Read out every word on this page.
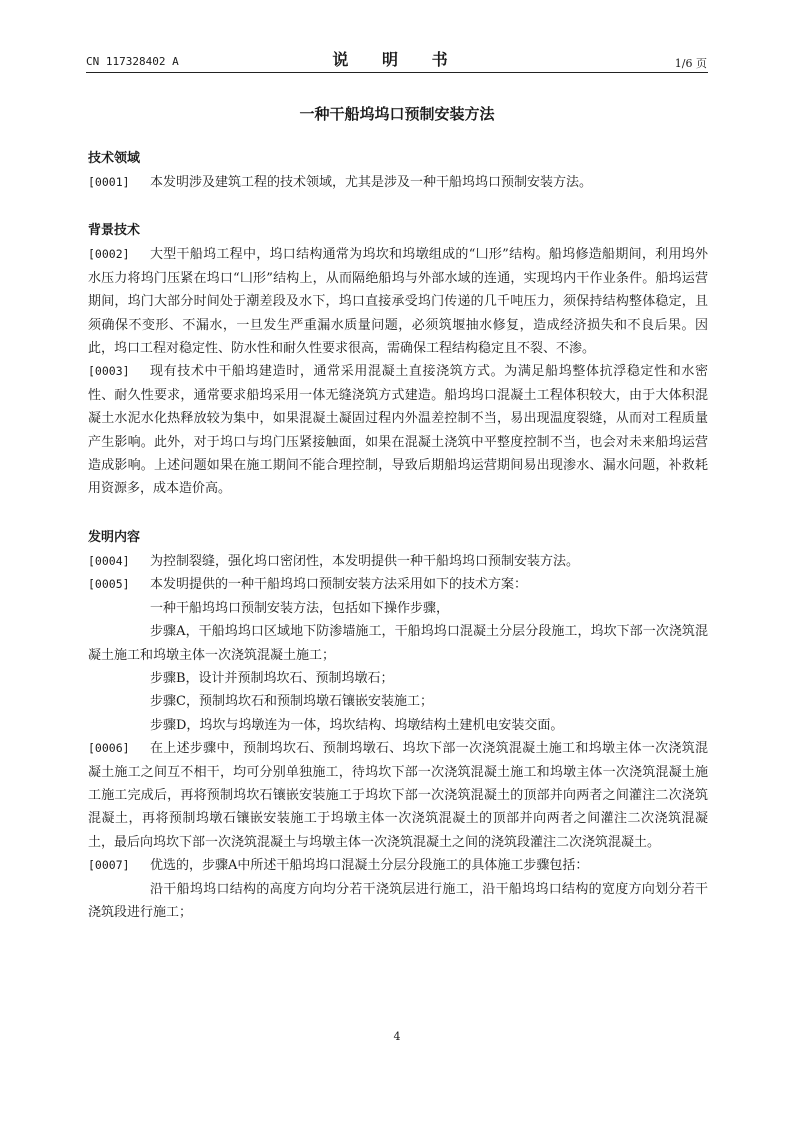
CN 117328402 A	说 明 书	1/6 页
一种干船坞坞口预制安装方法
技术领域
[0001]	本发明涉及建筑工程的技术领域，尤其是涉及一种干船坞坞口预制安装方法。
背景技术
[0002]	大型干船坞工程中，坞口结构通常为坞坎和坞墩组成的“凵形”结构。船坞修造船期间，利用坞外水压力将坞门压紧在坞口“凵形”结构上，从而隔绝船坞与外部水域的连通，实现坞内干作业条件。船坞运营期间，坞门大部分时间处于潮差段及水下，坞口直接承受坞门传递的几千吨压力，须保持结构整体稳定，且须确保不变形、不漏水，一旦发生严重漏水质量问题，必须筑堰抽水修复，造成经济损失和不良后果。因此，坞口工程对稳定性、防水性和耐久性要求很高，需确保工程结构稳定且不裂、不渗。
[0003]	现有技术中干船坞建造时，通常采用混凝土直接浇筑方式。为满足船坞整体抗浮稳定性和水密性、耐久性要求，通常要求船坞采用一体无缝浇筑方式建造。船坞坞口混凝土工程体积较大，由于大体积混凝土水泥水化热释放较为集中，如果混凝土凝固过程内外温差控制不当，易出现温度裂缝，从而对工程质量产生影响。此外，对于坞口与坞门压紧接触面，如果在混凝土浇筑中平整度控制不当，也会对未来船坞运营造成影响。上述问题如果在施工期间不能合理控制，导致后期船坞运营期间易出现渗水、漏水问题，补救耗用资源多，成本造价高。
发明内容
[0004]	为控制裂缝，强化坞口密闭性，本发明提供一种干船坞坞口预制安装方法。
[0005]	本发明提供的一种干船坞坞口预制安装方法采用如下的技术方案：
一种干船坞坞口预制安装方法，包括如下操作步骤，
步骤A，干船坞坞口区域地下防渗墙施工，干船坞坞口混凝土分层分段施工，坞坎下部一次浇筑混凝土施工和坞墩主体一次浇筑混凝土施工；
步骤B，设计并预制坞坎石、预制坞墩石；
步骤C，预制坞坎石和预制坞墩石镶嵌安装施工；
步骤D，坞坎与坞墩连为一体，坞坎结构、坞墩结构土建机电安装交面。
[0006]	在上述步骤中，预制坞坎石、预制坞墩石、坞坎下部一次浇筑混凝土施工和坞墩主体一次浇筑混凝土施工之间互不相干，均可分别单独施工，待坞坎下部一次浇筑混凝土施工和坞墩主体一次浇筑混凝土施工施工完成后，再将预制坞坎石镶嵌安装施工于坞坎下部一次浇筑混凝土的顶部并向两者之间灌注二次浇筑混凝土，再将预制坞墩石镶嵌安装施工于坞墩主体一次浇筑混凝土的顶部并向两者之间灌注二次浇筑混凝土，最后向坞坎下部一次浇筑混凝土与坞墩主体一次浇筑混凝土之间的浇筑段灌注二次浇筑混凝土。
[0007]	优选的，步骤A中所述干船坞坞口混凝土分层分段施工的具体施工步骤包括：
沿干船坞坞口结构的高度方向均分若干浇筑层进行施工，沿干船坞坞口结构的宽度方向划分若干浇筑段进行施工；
4
